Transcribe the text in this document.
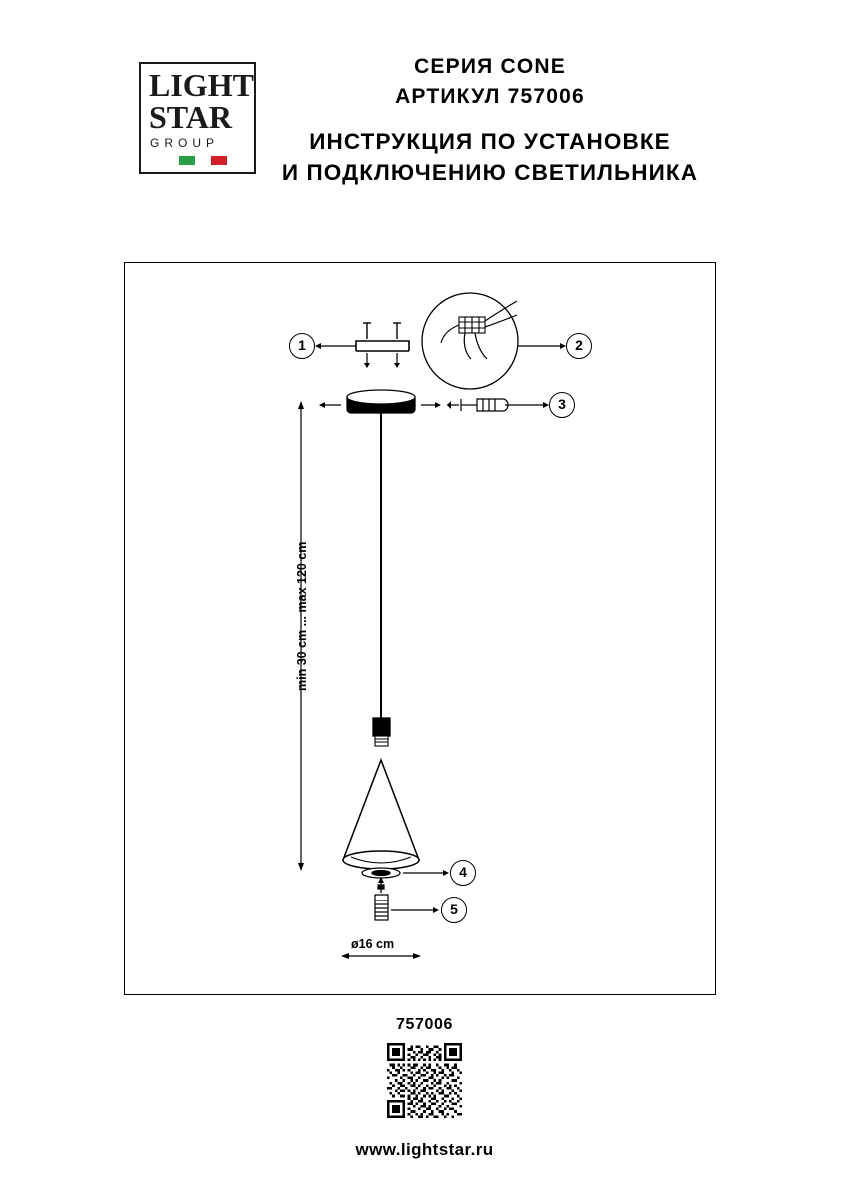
LIGHT
STAR
GROUP
СЕРИЯ CONE
АРТИКУЛ 757006
ИНСТРУКЦИЯ ПО УСТАНОВКЕ
И ПОДКЛЮЧЕНИЮ СВЕТИЛЬНИКА
1	2
3
4
5
min 30 cm ... max 120 cm
ø16 cm
757006
www.lightstar.ru
